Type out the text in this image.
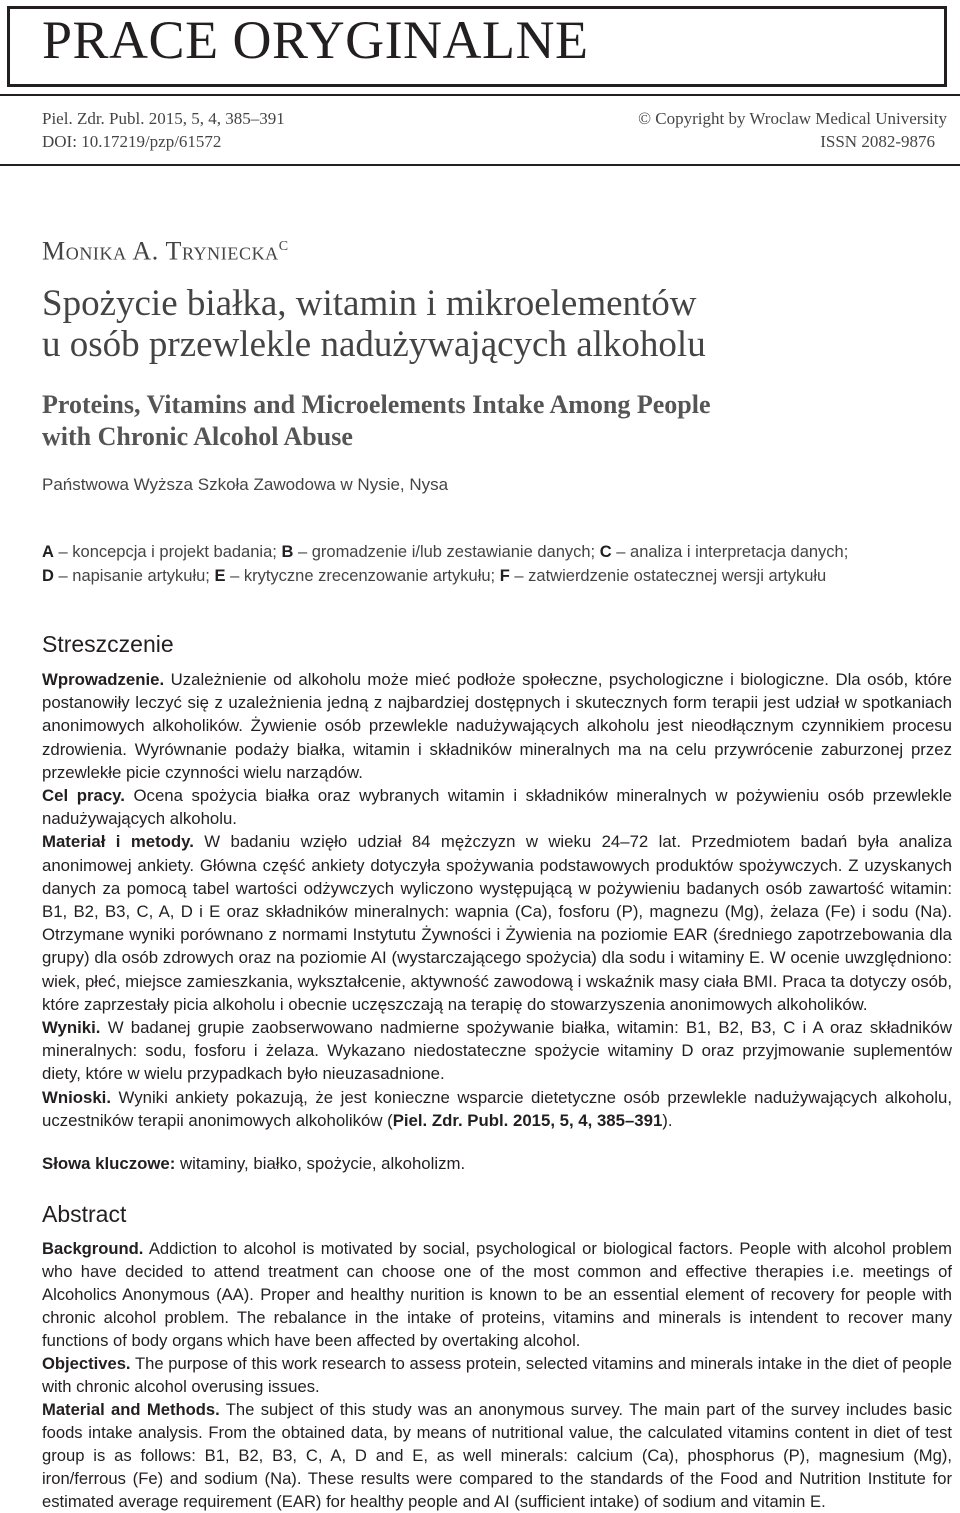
PRACE ORYGINALNE
Piel. Zdr. Publ. 2015, 5, 4, 385–391
DOI: 10.17219/pzp/61572
© Copyright by Wroclaw Medical University
ISSN 2082-9876
Monika A. Tryniecka$^C$
Spożycie białka, witamin i mikroelementów
u osób przewlekle nadużywających alkoholu
Proteins, Vitamins and Microelements Intake Among People
with Chronic Alcohol Abuse
Państwowa Wyższa Szkoła Zawodowa w Nysie, Nysa
A – koncepcja i projekt badania; B – gromadzenie i/lub zestawianie danych; C – analiza i interpretacja danych;
D – napisanie artykułu; E – krytyczne zrecenzowanie artykułu; F – zatwierdzenie ostatecznej wersji artykułu
Streszczenie

Wprowadzenie. Uzależnienie od alkoholu może mieć podłoże społeczne, psychologiczne i biologiczne. Dla osób, które postanowiły leczyć się z uzależnienia jedną z najbardziej dostępnych i skutecznych form terapii jest udział w spotkaniach anonimowych alkoholików. Żywienie osób przewlekle nadużywających alkoholu jest nieodłącznym czynnikiem procesu zdrowienia. Wyrównanie podaży białka, witamin i składników mineralnych ma na celu przywrócenie zaburzonej przez przewlekłe picie czynności wielu narządów.

Cel pracy. Ocena spożycia białka oraz wybranych witamin i składników mineralnych w pożywieniu osób przewlekle nadużywających alkoholu.

Materiał i metody. W badaniu wzięło udział 84 mężczyzn w wieku 24–72 lat. Przedmiotem badań była analiza anonimowej ankiety. Główna część ankiety dotyczyła spożywania podstawowych produktów spożywczych. Z uzyskanych danych za pomocą tabel wartości odżywczych wyliczono występującą w pożywieniu badanych osób zawartość witamin: B1, B2, B3, C, A, D i E oraz składników mineralnych: wapnia (Ca), fosforu (P), magnezu (Mg), żelaza (Fe) i sodu (Na). Otrzymane wyniki porównano z normami Instytutu Żywności i Żywienia na poziomie EAR (średniego zapotrzebowania dla grupy) dla osób zdrowych oraz na poziomie AI (wystarczającego spożycia) dla sodu i witaminy E. W ocenie uwzględniono: wiek, płeć, miejsce zamieszkania, wykształcenie, aktywność zawodową i wskaźnik masy ciała BMI. Praca ta dotyczy osób, które zaprzestały picia alkoholu i obecnie uczęszczają na terapię do stowarzyszenia anonimowych alkoholików.

Wyniki. W badanej grupie zaobserwowano nadmierne spożywanie białka, witamin: B1, B2, B3, C i A oraz składników mineralnych: sodu, fosforu i żelaza. Wykazano niedostateczne spożycie witaminy D oraz przyjmowanie suplementów diety, które w wielu przypadkach było nieuzasadnione.

Wnioski. Wyniki ankiety pokazują, że jest konieczne wsparcie dietetyczne osób przewlekle nadużywających alkoholu, uczestników terapii anonimowych alkoholików (Piel. Zdr. Publ. 2015, 5, 4, 385–391).

Słowa kluczowe: witaminy, białko, spożycie, alkoholizm.
Abstract

Background. Addiction to alcohol is motivated by social, psychological or biological factors. People with alcohol problem who have decided to attend treatment can choose one of the most common and effective therapies i.e. meetings of Alcoholics Anonymous (AA). Proper and healthy nurition is known to be an essential element of recovery for people with chronic alcohol problem. The rebalance in the intake of proteins, vitamins and minerals is intendent to recover many functions of body organs which have been affected by overtaking alcohol.

Objectives. The purpose of this work research to assess protein, selected vitamins and minerals intake in the diet of people with chronic alcohol overusing issues.

Material and Methods. The subject of this study was an anonymous survey. The main part of the survey includes basic foods intake analysis. From the obtained data, by means of nutritional value, the calculated vitamins content in diet of test group is as follows: B1, B2, B3, C, A, D and E, as well minerals: calcium (Ca), phosphorus (P), magnesium (Mg), iron/ferrous (Fe) and sodium (Na). These results were compared to the standards of the Food and Nutrition Institute for estimated average requirement (EAR) for healthy people and AI (sufficient intake) of sodium and vitamin E.
